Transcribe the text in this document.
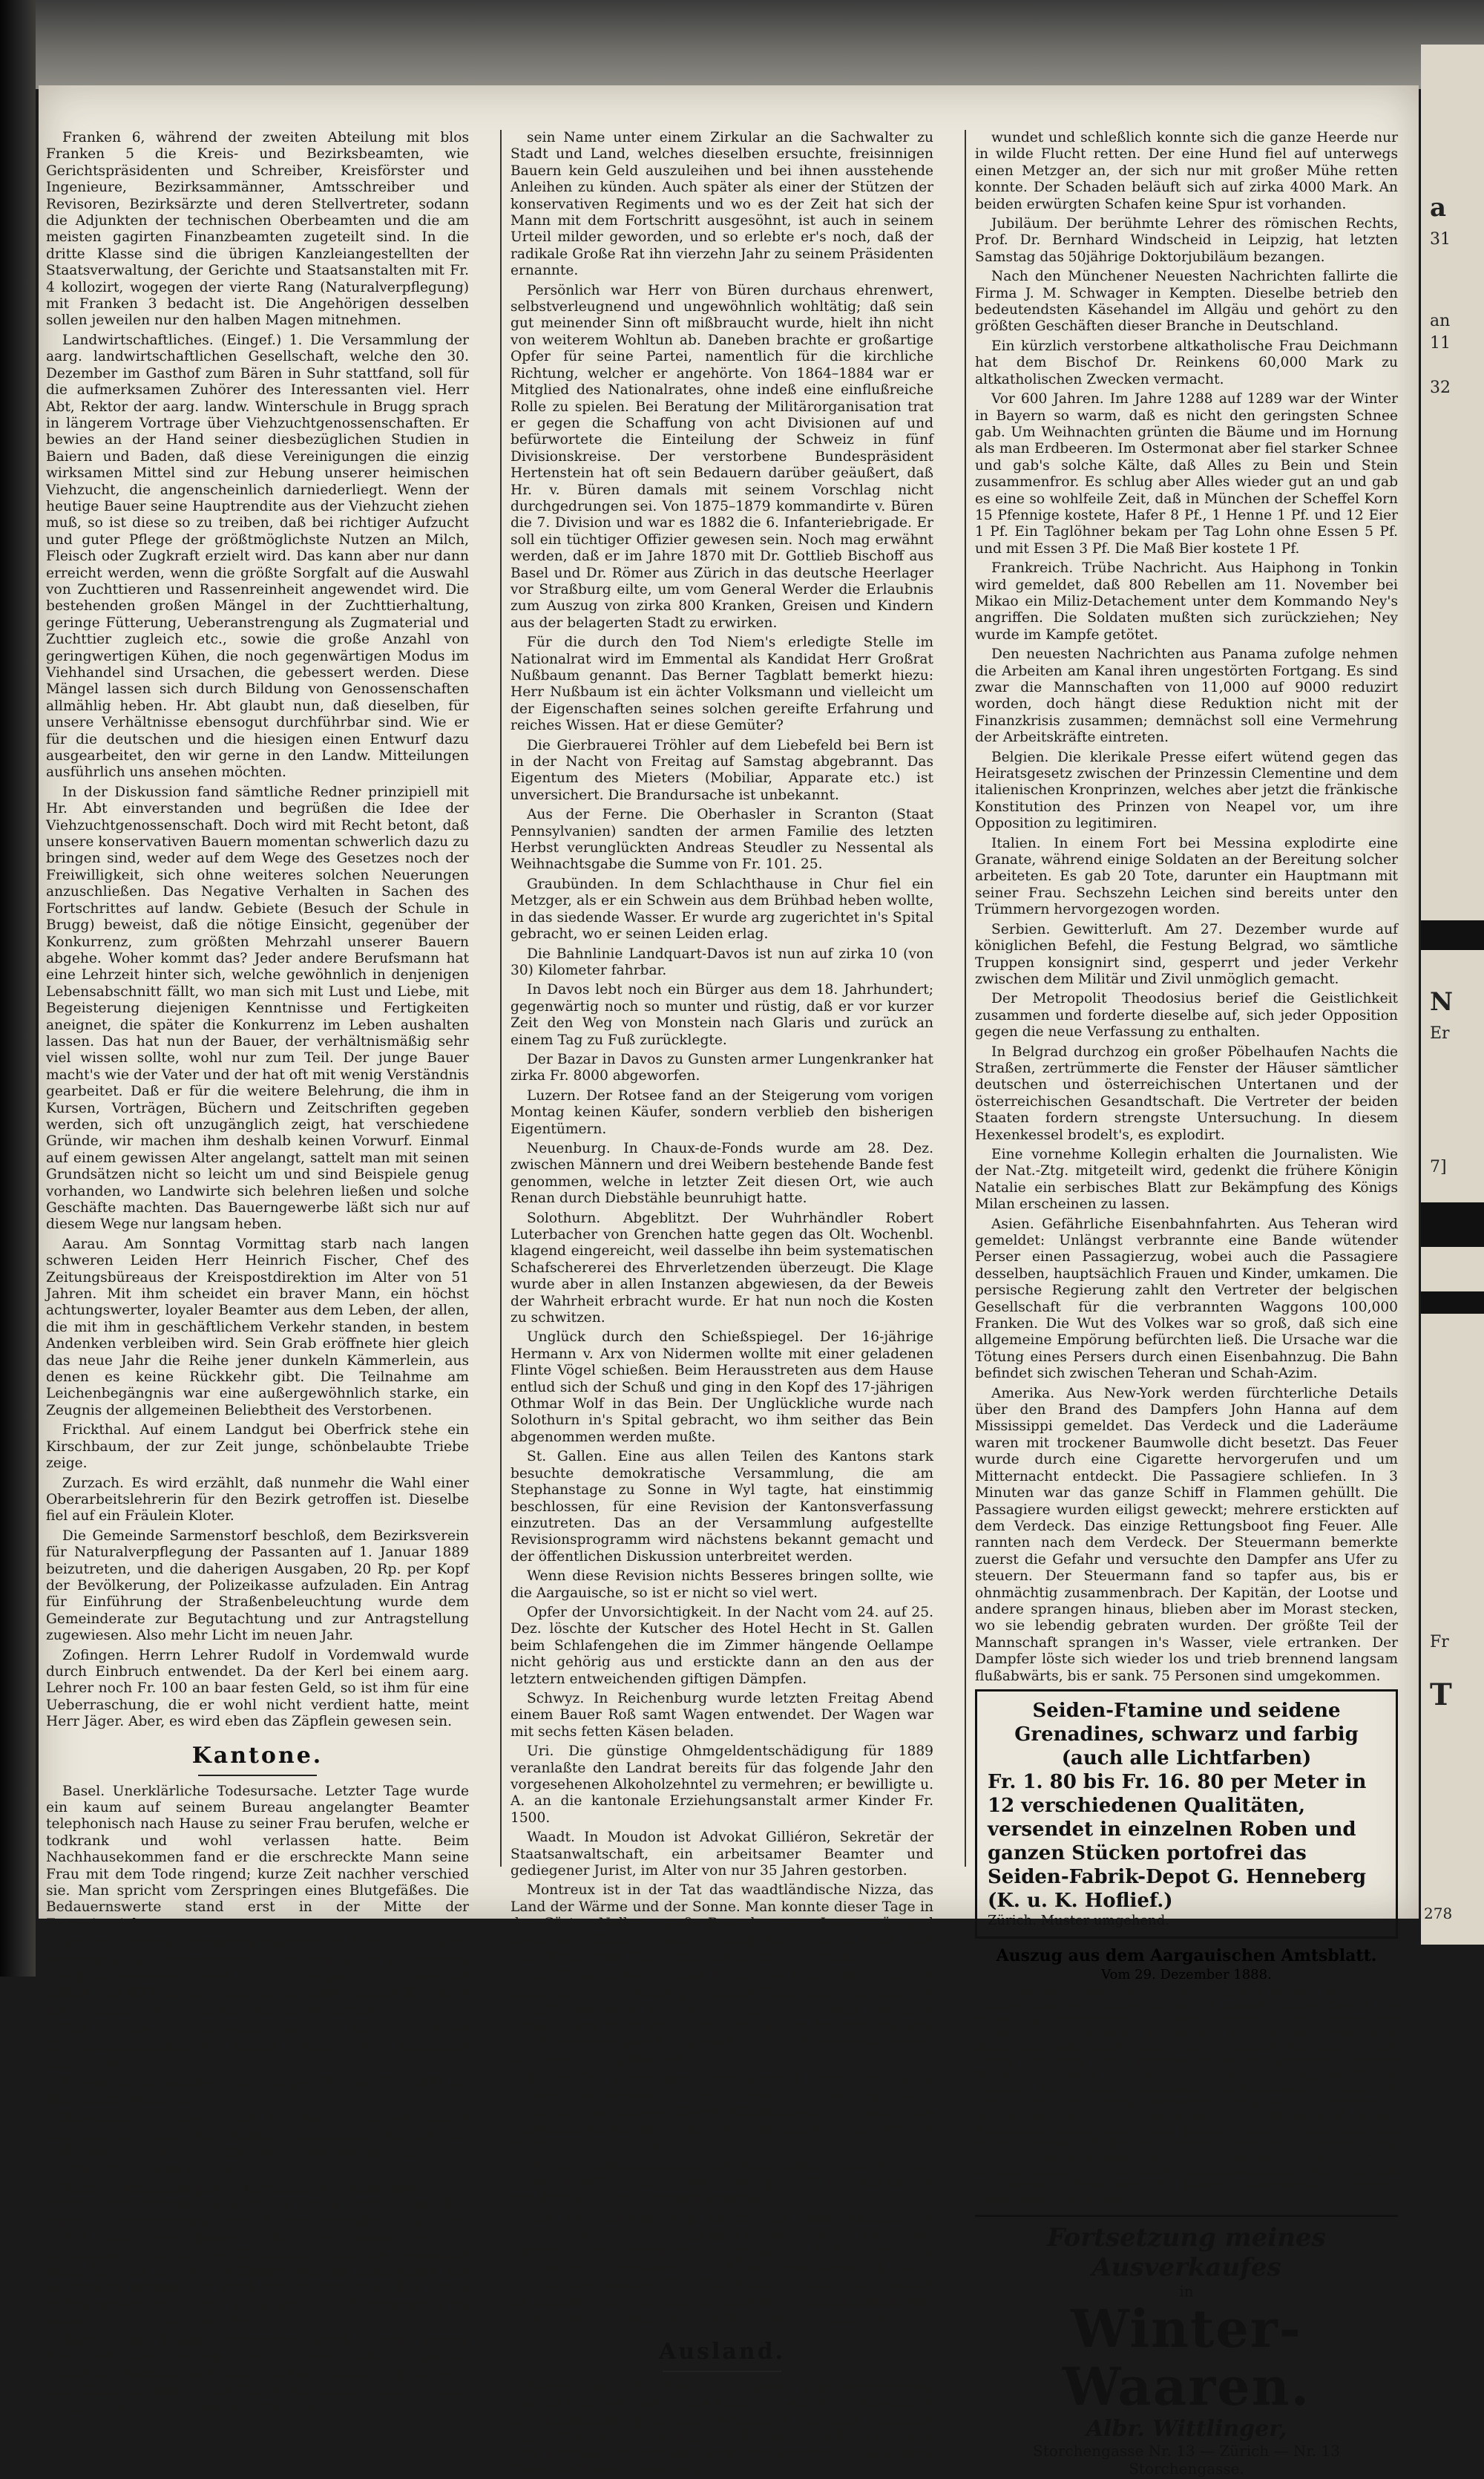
Franken 6, während der zweiten Abteilung mit blos Franken 5 die Kreis- und Bezirksbeamten, wie Gerichtspräsidenten und Schreiber, Kreisförster und Ingenieure, Bezirksammänner, Amtsschreiber und Revisoren, Bezirksärzte und deren Stellvertreter, sodann die Adjunkten der technischen Oberbeamten und die am meisten gagirten Finanzbeamten zugeteilt sind. In die dritte Klasse sind die übrigen Kanzleiangestellten der Staatsverwaltung, der Gerichte und Staatsanstalten mit Fr. 4 kollozirt, wogegen der vierte Rang (Naturalverpflegung) mit Franken 3 bedacht ist. Die Angehörigen desselben sollen jeweilen nur den halben Magen mitnehmen.

Landwirtschaftliches. (Eingef.) 1. Die Versammlung der aarg. landwirtschaftlichen Gesellschaft, welche den 30. Dezember im Gasthof zum Bären in Suhr stattfand, soll für die aufmerksamen Zuhörer des Interessanten viel. Herr Abt, Rektor der aarg. landw. Winterschule in Brugg sprach in längerem Vortrage über Viehzuchtgenossenschaften. Er bewies an der Hand seiner diesbezüglichen Studien in Baiern und Baden, daß diese Vereinigungen die einzig wirksamen Mittel sind zur Hebung unserer heimischen Viehzucht, die angenscheinlich darniederliegt. Wenn der heutige Bauer seine Hauptrendite aus der Viehzucht ziehen muß, so ist diese so zu treiben, daß bei richtiger Aufzucht und guter Pflege der größtmöglichste Nutzen an Milch, Fleisch oder Zugkraft erzielt wird. Das kann aber nur dann erreicht werden, wenn die größte Sorgfalt auf die Auswahl von Zuchttieren und Rassenreinheit angewendet wird. Die bestehenden großen Mängel in der Zuchttierhaltung, geringe Fütterung, Ueberanstrengung als Zugmaterial und Zuchttier zugleich etc., sowie die große Anzahl von geringwertigen Kühen, die noch gegenwärtigen Modus im Viehhandel sind Ursachen, die gebessert werden. Diese Mängel lassen sich durch Bildung von Genossenschaften allmählig heben. Hr. Abt glaubt nun, daß dieselben, für unsere Verhältnisse ebensogut durchführbar sind. Wie er für die deutschen und die hiesigen einen Entwurf dazu ausgearbeitet, den wir gerne in den Landw. Mitteilungen ausführlich uns ansehen möchten.

In der Diskussion fand sämtliche Redner prinzipiell mit Hr. Abt einverstanden und begrüßen die Idee der Viehzuchtgenossenschaft. Doch wird mit Recht betont, daß unsere konservativen Bauern momentan schwerlich dazu zu bringen sind, weder auf dem Wege des Gesetzes noch der Freiwilligkeit, sich ohne weiteres solchen Neuerungen anzuschließen. Das Negative Verhalten in Sachen des Fortschrittes auf landw. Gebiete (Besuch der Schule in Brugg) beweist, daß die nötige Einsicht, gegenüber der Konkurrenz, zum größten Mehrzahl unserer Bauern abgehe. Woher kommt das? Jeder andere Berufsmann hat eine Lehrzeit hinter sich, welche gewöhnlich in denjenigen Lebensabschnitt fällt, wo man sich mit Lust und Liebe, mit Begeisterung diejenigen Kenntnisse und Fertigkeiten aneignet, die später die Konkurrenz im Leben aushalten lassen. Das hat nun der Bauer, der verhältnismäßig sehr viel wissen sollte, wohl nur zum Teil. Der junge Bauer macht's wie der Vater und der hat oft mit wenig Verständnis gearbeitet. Daß er für die weitere Belehrung, die ihm in Kursen, Vorträgen, Büchern und Zeitschriften gegeben werden, sich oft unzugänglich zeigt, hat verschiedene Gründe, wir machen ihm deshalb keinen Vorwurf. Einmal auf einem gewissen Alter angelangt, sattelt man mit seinen Grundsätzen nicht so leicht um und sind Beispiele genug vorhanden, wo Landwirte sich belehren ließen und solche Geschäfte machten. Das Bauerngewerbe läßt sich nur auf diesem Wege nur langsam heben.

Aarau. Am Sonntag Vormittag starb nach langen schweren Leiden Herr Heinrich Fischer, Chef des Zeitungsbüreaus der Kreispostdirektion im Alter von 51 Jahren. Mit ihm scheidet ein braver Mann, ein höchst achtungswerter, loyaler Beamter aus dem Leben, der allen, die mit ihm in geschäftlichem Verkehr standen, in bestem Andenken verbleiben wird. Sein Grab eröffnete hier gleich das neue Jahr die Reihe jener dunkeln Kämmerlein, aus denen es keine Rückkehr gibt. Die Teilnahme am Leichenbegängnis war eine außergewöhnlich starke, ein Zeugnis der allgemeinen Beliebtheit des Verstorbenen.

Frickthal. Auf einem Landgut bei Oberfrick stehe ein Kirschbaum, der zur Zeit junge, schönbelaubte Triebe zeige.

Zurzach. Es wird erzählt, daß nunmehr die Wahl einer Oberarbeitslehrerin für den Bezirk getroffen ist. Dieselbe fiel auf ein Fräulein Kloter.

Die Gemeinde Sarmenstorf beschloß, dem Bezirksverein für Naturalverpflegung der Passanten auf 1. Januar 1889 beizutreten, und die daherigen Ausgaben, 20 Rp. per Kopf der Bevölkerung, der Polizeikasse aufzuladen. Ein Antrag für Einführung der Straßenbeleuchtung wurde dem Gemeinderate zur Begutachtung und zur Antragstellung zugewiesen. Also mehr Licht im neuen Jahr.

Zofingen. Herrn Lehrer Rudolf in Vordemwald wurde durch Einbruch entwendet. Da der Kerl bei einem aarg. Lehrer noch Fr. 100 an baar festen Geld, so ist ihm für eine Ueberraschung, die er wohl nicht verdient hatte, meint Herr Jäger. Aber, es wird eben das Zäpflein gewesen sein.

Kantone.

Basel. Unerklärliche Todesursache. Letzter Tage wurde ein kaum auf seinem Bureau angelangter Beamter telephonisch nach Hause zu seiner Frau berufen, welche er todkrank und wohl verlassen hatte. Beim Nachhausekommen fand er die erschreckte Mann seine Frau mit dem Tode ringend; kurze Zeit nachher verschied sie. Man spricht vom Zerspringen eines Blutgefäßes. Die Bedauernswerte stand erst in der Mitte der Zwanzigerjahre.

An der hiesigen Universität machten im Jahre 1888 nicht weniger als siebenundzwanzig Studirende der Philosophie das Doktorexamen. Diese Zahl ist, so sagt die Universität selbst, seit 400 Jahren, noch nie erreicht worden. Da ist es ein vernünftiges Tragen sein, so ein Doktorhut.

Für die ausgeschriebene Stelle eines Zivilgerichtsschreibers haben sich 30 Bewerber angemeldet.

Einem Wirte wurden vor einigen Tagen Fr. 1200 an Banknoten gestohlen.

Baselland. In Aesch hat ein minderjähriger Knabe während der Nacht sich Schnaps verschaffen können und mehr als einen halben Liter getrunken. Morgens fand man ihn im Bett als eine Leiche.

Bern. Amtsanzeiger. Kurzbeinige Interessen und kurzsichtige Antipathien, sagt der Hand. Cour., haben den sogen. Amtsanzeigern zum Leben verholfen. Es nützt nichts, daß man beweist, daß die Herausgabe der Amtsanzeiger durch die Verwaltung und die Gemeinde keine Vorteile bringt. Die Bauern werden nicht müde, die Stimme zu erheben; es wird sich zeigen, ob in der Sache nichts gewechselt wird. Alles was der Bürger nicht zu wissen braucht, das steht darin.

Bern. Am Weihnachtsmorgen starb nach langer Krankheit Herr Otto von Büren, der von 1864–1887 an der Spitze der bernischen Stadtverwaltung stand. Er gehörte in den fünfziger Jahren der Partei an, welche den größten Gegner der Freisinnigen; so setzt u. A.

sein Name unter einem Zirkular an die Sachwalter zu Stadt und Land, welches dieselben ersuchte, freisinnigen Bauern kein Geld auszuleihen und bei ihnen ausstehende Anleihen zu künden. Auch später als einer der Stützen der konservativen Regiments und wo es der Zeit hat sich der Mann mit dem Fortschritt ausgesöhnt, ist auch in seinem Urteil milder geworden, und so erlebte er's noch, daß der radikale Große Rat ihn vierzehn Jahr zu seinem Präsidenten ernannte.

Persönlich war Herr von Büren durchaus ehrenwert, selbstverleugnend und ungewöhnlich wohltätig; daß sein gut meinender Sinn oft mißbraucht wurde, hielt ihn nicht von weiterem Wohltun ab. Daneben brachte er großartige Opfer für seine Partei, namentlich für die kirchliche Richtung, welcher er angehörte. Von 1864–1884 war er Mitglied des Nationalrates, ohne indeß eine einflußreiche Rolle zu spielen. Bei Beratung der Militärorganisation trat er gegen die Schaffung von acht Divisionen auf und befürwortete die Einteilung der Schweiz in fünf Divisionskreise. Der verstorbene Bundespräsident Hertenstein hat oft sein Bedauern darüber geäußert, daß Hr. v. Büren damals mit seinem Vorschlag nicht durchgedrungen sei. Von 1875–1879 kommandirte v. Büren die 7. Division und war es 1882 die 6. Infanteriebrigade. Er soll ein tüchtiger Offizier gewesen sein. Noch mag erwähnt werden, daß er im Jahre 1870 mit Dr. Gottlieb Bischoff aus Basel und Dr. Römer aus Zürich in das deutsche Heerlager vor Straßburg eilte, um vom General Werder die Erlaubnis zum Auszug von zirka 800 Kranken, Greisen und Kindern aus der belagerten Stadt zu erwirken.

Für die durch den Tod Niem's erledigte Stelle im Nationalrat wird im Emmental als Kandidat Herr Großrat Nußbaum genannt. Das Berner Tagblatt bemerkt hiezu: Herr Nußbaum ist ein ächter Volksmann und vielleicht um der Eigenschaften seines solchen gereifte Erfahrung und reiches Wissen. Hat er diese Gemüter?

Die Gierbrauerei Tröhler auf dem Liebefeld bei Bern ist in der Nacht von Freitag auf Samstag abgebrannt. Das Eigentum des Mieters (Mobiliar, Apparate etc.) ist unversichert. Die Brandursache ist unbekannt.

Aus der Ferne. Die Oberhasler in Scranton (Staat Pennsylvanien) sandten der armen Familie des letzten Herbst verunglückten Andreas Steudler zu Nessental als Weihnachtsgabe die Summe von Fr. 101. 25.

Graubünden. In dem Schlachthause in Chur fiel ein Metzger, als er ein Schwein aus dem Brühbad heben wollte, in das siedende Wasser. Er wurde arg zugerichtet in's Spital gebracht, wo er seinen Leiden erlag.

Die Bahnlinie Landquart-Davos ist nun auf zirka 10 (von 30) Kilometer fahrbar.

In Davos lebt noch ein Bürger aus dem 18. Jahrhundert; gegenwärtig noch so munter und rüstig, daß er vor kurzer Zeit den Weg von Monstein nach Glaris und zurück an einem Tag zu Fuß zurücklegte.

Der Bazar in Davos zu Gunsten armer Lungenkranker hat zirka Fr. 8000 abgeworfen.

Luzern. Der Rotsee fand an der Steigerung vom vorigen Montag keinen Käufer, sondern verblieb den bisherigen Eigentümern.

Neuenburg. In Chaux-de-Fonds wurde am 28. Dez. zwischen Männern und drei Weibern bestehende Bande fest genommen, welche in letzter Zeit diesen Ort, wie auch Renan durch Diebstähle beunruhigt hatte.

Solothurn. Abgeblitzt. Der Wuhrhändler Robert Luterbacher von Grenchen hatte gegen das Olt. Wochenbl. klagend eingereicht, weil dasselbe ihn beim systematischen Schafschererei des Ehrverletzenden überzeugt. Die Klage wurde aber in allen Instanzen abgewiesen, da der Beweis der Wahrheit erbracht wurde. Er hat nun noch die Kosten zu schwitzen.

Unglück durch den Schießspiegel. Der 16-jährige Hermann v. Arx von Nidermen wollte mit einer geladenen Flinte Vögel schießen. Beim Herausstreten aus dem Hause entlud sich der Schuß und ging in den Kopf des 17-jährigen Othmar Wolf in das Bein. Der Unglückliche wurde nach Solothurn in's Spital gebracht, wo ihm seither das Bein abgenommen werden mußte.

St. Gallen. Eine aus allen Teilen des Kantons stark besuchte demokratische Versammlung, die am Stephanstage zu Sonne in Wyl tagte, hat einstimmig beschlossen, für eine Revision der Kantonsverfassung einzutreten. Das an der Versammlung aufgestellte Revisionsprogramm wird nächstens bekannt gemacht und der öffentlichen Diskussion unterbreitet werden.

Wenn diese Revision nichts Besseres bringen sollte, wie die Aargauische, so ist er nicht so viel wert.

Opfer der Unvorsichtigkeit. In der Nacht vom 24. auf 25. Dez. löschte der Kutscher des Hotel Hecht in St. Gallen beim Schlafengehen die im Zimmer hängende Oellampe nicht gehörig aus und erstickte dann an den aus der letztern entweichenden giftigen Dämpfen.

Schwyz. In Reichenburg wurde letzten Freitag Abend einem Bauer Roß samt Wagen entwendet. Der Wagen war mit sechs fetten Käsen beladen.

Uri. Die günstige Ohmgeldentschädigung für 1889 veranlaßte den Landrat bereits für das folgende Jahr den vorgesehenen Alkoholzehntel zu vermehren; er bewilligte u. A. an die kantonale Erziehungsanstalt armer Kinder Fr. 1500.

Waadt. In Moudon ist Advokat Gilliéron, Sekretär der Staatsanwaltschaft, ein arbeitsamer Beamter und gediegener Jurist, im Alter von nur 35 Jahren gestorben.

Montreux ist in der Tat das waadtländische Nizza, das Land der Wärme und der Sonne. Man konnte dieser Tage in den Gärten Nelken, große Rosenknospen, Immergrün und Weilchen pflücken. Beim Ausflug nach Avants fand man reife Erdbeeren. Das Wetter ist prachtvoll schön.

Das Urteil in dem großen Prozeß der Union du Credit von Lausanne gegen ihren gewesenen Kontroleur Moreillos ist gefällt. Moreillos wurde freigesprochen, weil derselbe, ohnehin gar nicht mit Geschäften außer Angestellter, wie die Kompetenz besaß, die rund 150,000 Börsenspiel seines Borgesetzten zu hindern.

Wallis. Die Zermatter scheinen recht harte Schädel zu haben; sie verweigern am Sonntag neuerdings trotz Großrats-Beschlusses Herrn Gasthofbesitzer Seiler die Aufnahme ins Bürgerrecht. Die Regierung wird nun strenge Maßregeln ergreifen.

In der Saillonschlucht ist eine fünfzigjährige Frau, Familienmutter, über einen Felsen gestürzt und als Leiche aus dem Wildbach gezogen worden.

Zug. Der Fang der sog. Zugerröteli, dieser delikatesten Forelle, ist dieses Jahr aus dem obern Teile des Zugersees (Arther See) reichlich ausgefallen. Daß hier den zahlreichen Begehren um Röteli von Auswärts nicht entsprochen werden. Das Grüne wird selbst in der Heimat zu kosten. Auch für das Jungtier der Blasebachflanfe aus dem Zugersee scheint sich nicht schlecht anzulassen.

Ausland.

Deutschland. Bluthunde. In einer der vergangenen Nächte brachen zwei große Hunde in einen bei Rheinbach in Mühlhausen gelegenen Schafstall ein und richteten daselbst ein wahres Blutbad an. Ueber 120 Schafe sind von den Hunden erwürgt und zerrissen worden. Viele andere Tiere der Heerde wurden so

wundet und schleßlich konnte sich die ganze Heerde nur in wilde Flucht retten. Der eine Hund fiel auf unterwegs einen Metzger an, der sich nur mit großer Mühe retten konnte. Der Schaden beläuft sich auf zirka 4000 Mark. An beiden erwürgten Schafen keine Spur ist vorhanden.

Jubiläum. Der berühmte Lehrer des römischen Rechts, Prof. Dr. Bernhard Windscheid in Leipzig, hat letzten Samstag das 50jährige Doktorjubiläum bezangen.

Nach den Münchener Neuesten Nachrichten fallirte die Firma J. M. Schwager in Kempten. Dieselbe betrieb den bedeutendsten Käsehandel im Allgäu und gehört zu den größten Geschäften dieser Branche in Deutschland.

Ein kürzlich verstorbene altkatholische Frau Deichmann hat dem Bischof Dr. Reinkens 60,000 Mark zu altkatholischen Zwecken vermacht.

Vor 600 Jahren. Im Jahre 1288 auf 1289 war der Winter in Bayern so warm, daß es nicht den geringsten Schnee gab. Um Weihnachten grünten die Bäume und im Hornung als man Erdbeeren. Im Ostermonat aber fiel starker Schnee und gab's solche Kälte, daß Alles zu Bein und Stein zusammenfror. Es schlug aber Alles wieder gut an und gab es eine so wohlfeile Zeit, daß in München der Scheffel Korn 15 Pfennige kostete, Hafer 8 Pf., 1 Henne 1 Pf. und 12 Eier 1 Pf. Ein Taglöhner bekam per Tag Lohn ohne Essen 5 Pf. und mit Essen 3 Pf. Die Maß Bier kostete 1 Pf.

Frankreich. Trübe Nachricht. Aus Haiphong in Tonkin wird gemeldet, daß 800 Rebellen am 11. November bei Mikao ein Miliz-Detachement unter dem Kommando Ney's angriffen. Die Soldaten mußten sich zurückziehen; Ney wurde im Kampfe getötet.

Den neuesten Nachrichten aus Panama zufolge nehmen die Arbeiten am Kanal ihren ungestörten Fortgang. Es sind zwar die Mannschaften von 11,000 auf 9000 reduzirt worden, doch hängt diese Reduktion nicht mit der Finanzkrisis zusammen; demnächst soll eine Vermehrung der Arbeitskräfte eintreten.

Belgien. Die klerikale Presse eifert wütend gegen das Heiratsgesetz zwischen der Prinzessin Clementine und dem italienischen Kronprinzen, welches aber jetzt die fränkische Konstitution des Prinzen von Neapel vor, um ihre Opposition zu legitimiren.

Italien. In einem Fort bei Messina explodirte eine Granate, während einige Soldaten an der Bereitung solcher arbeiteten. Es gab 20 Tote, darunter ein Hauptmann mit seiner Frau. Sechszehn Leichen sind bereits unter den Trümmern hervorgezogen worden.

Serbien. Gewitterluft. Am 27. Dezember wurde auf königlichen Befehl, die Festung Belgrad, wo sämtliche Truppen konsignirt sind, gesperrt und jeder Verkehr zwischen dem Militär und Zivil unmöglich gemacht.

Der Metropolit Theodosius berief die Geistlichkeit zusammen und forderte dieselbe auf, sich jeder Opposition gegen die neue Verfassung zu enthalten.

In Belgrad durchzog ein großer Pöbelhaufen Nachts die Straßen, zertrümmerte die Fenster der Häuser sämtlicher deutschen und österreichischen Untertanen und der österreichischen Gesandtschaft. Die Vertreter der beiden Staaten fordern strengste Untersuchung. In diesem Hexenkessel brodelt's, es explodirt.

Eine vornehme Kollegin erhalten die Journalisten. Wie der Nat.-Ztg. mitgeteilt wird, gedenkt die frühere Königin Natalie ein serbisches Blatt zur Bekämpfung des Königs Milan erscheinen zu lassen.

Asien. Gefährliche Eisenbahnfahrten. Aus Teheran wird gemeldet: Unlängst verbrannte eine Bande wütender Perser einen Passagierzug, wobei auch die Passagiere desselben, hauptsächlich Frauen und Kinder, umkamen. Die persische Regierung zahlt den Vertreter der belgischen Gesellschaft für die verbrannten Waggons 100,000 Franken. Die Wut des Volkes war so groß, daß sich eine allgemeine Empörung befürchten ließ. Die Ursache war die Tötung eines Persers durch einen Eisenbahnzug. Die Bahn befindet sich zwischen Teheran und Schah-Azim.

Amerika. Aus New-York werden fürchterliche Details über den Brand des Dampfers John Hanna auf dem Mississippi gemeldet. Das Verdeck und die Laderäume waren mit trockener Baumwolle dicht besetzt. Das Feuer wurde durch eine Cigarette hervorgerufen und um Mitternacht entdeckt. Die Passagiere schliefen. In 3 Minuten war das ganze Schiff in Flammen gehüllt. Die Passagiere wurden eiligst geweckt; mehrere erstickten auf dem Verdeck. Das einzige Rettungsboot fing Feuer. Alle rannten nach dem Verdeck. Der Steuermann bemerkte zuerst die Gefahr und versuchte den Dampfer ans Ufer zu steuern. Der Steuermann fand so tapfer aus, bis er ohnmächtig zusammenbrach. Der Kapitän, der Lootse und andere sprangen hinaus, blieben aber im Morast stecken, wo sie lebendig gebraten wurden. Der größte Teil der Mannschaft sprangen in's Wasser, viele ertranken. Der Dampfer löste sich wieder los und trieb brennend langsam flußabwärts, bis er sank. 75 Personen sind umgekommen.

Seiden-Ftamine und seidene Grenadines, schwarz und farbig (auch alle Lichtfarben)
Fr. 1. 80 bis Fr. 16. 80 per Meter in 12 verschiedenen Qualitäten, versendet in einzelnen Roben und ganzen Stücken portofrei das Seiden-Fabrik-Depot G. Henneberg (K. u. K. Hoflief.)
Zürich. Muster umgehend.
Auszug aus dem Aargauischen Amtsblatt.
Vom 29. Dezember 1888.
Geldstage. Aarau. Brunner, Anna, Modistin, von Möriken, in Aarau. — Lüscher, Anna geb. Lüscher, Witwe des Samuel Lüscher, Ziegler, von Muhen, in Oberentfelden. — Pfister, Hermann Jakob, Coiffeur, von Niederentfelden, in Aarau. Eingaben 2. Februar. Bremgarten. Frau Stutz, Anna geb. Seiler, Steinbrecher in Zufikon. Eingaben 21. Jan. Brugg. Kirchhofer, Jakob, Johannes, Weber, von Auenstein. Eingaben 30. Jan. Laufenburg. Koch, Jakob, Müller, von Sulz. Eingaben 30. Jan. Lenzburg. Kull, Fridolin, Schuhmacher, in Holderbank. Eingaben 28. Januar. Muri. Frau Schmid, Pauline geb. Frei, in Wohlen. Eingaben 31. Januar. Zofingen. Hunziker, Jakob, in Rothrist. Eingaben 30. Januar. Rheinfelden. Geschwister Huber, Johann, Helena, Ursula, Rosa und Marie. Eingaben 30. Januar. Lenzburg. Eingaben 25. Januar. Kulm. Lüscher, Johann. Eingaben 9. Februar. Akkordsteigerung. Lenzburg. Schmid, Samuel, gew. Fürsprech. Stellenausschreibung. Die Pfarrstelle in Lengnau. Anmeldung 7. Januar. Arbeitsschule Oftringen. Anmeldungen 10. Januar.
Fortsetzung meines Ausverkaufes
in
Winter-Waaren.
Albr. Wittlinger,
Storchengasse Nr. 13 — Zürich — Nr. 13 Storchengasse.
a
31
an
11
32
N
Er
7]
Fr
T
278
